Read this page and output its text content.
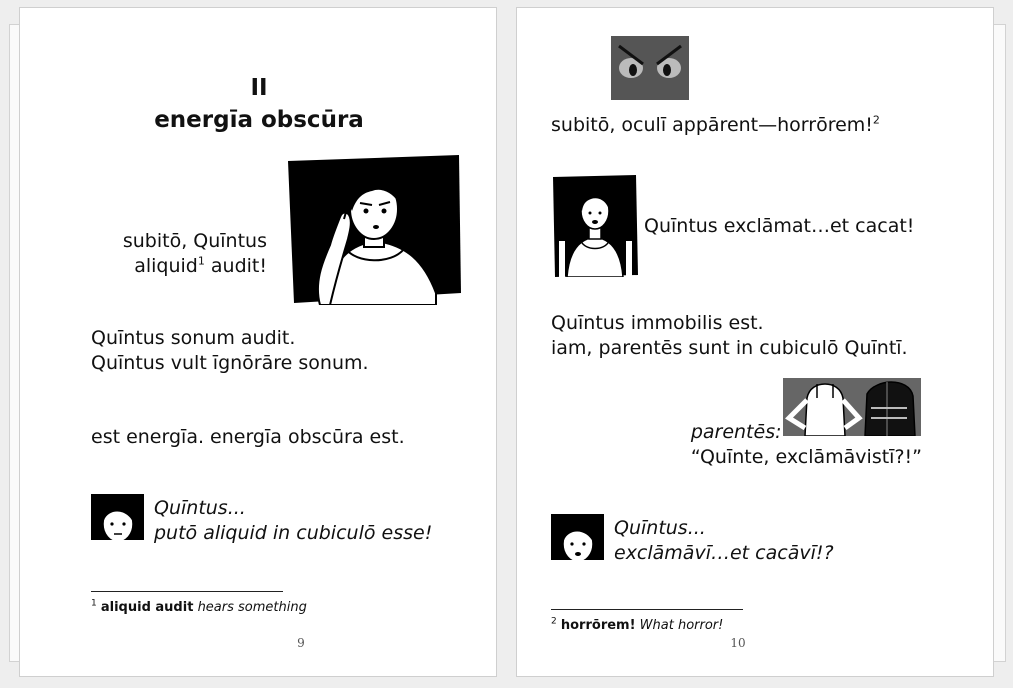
II
energīa obscūra

subitō, Quīntus
aliquid$^1$ audit!

Quīntus sonum audit.
Quīntus vult īgnōrāre sonum.

est energīa. energīa obscūra est.

Quīntus...
putō aliquid in cubiculō esse!

$^1$ aliquid audit hears something
9

subitō, oculī appārent—horrōrem!$^2$

Quīntus exclāmat…et cacat!

Quīntus immobilis est.
iam, parentēs sunt in cubiculō Quīntī.

parentēs:
“Quīnte, exclāmāvistī?!”

Quīntus...
exclāmāvī…et cacāvī!?

$^2$ horrōrem! What horror!
10
